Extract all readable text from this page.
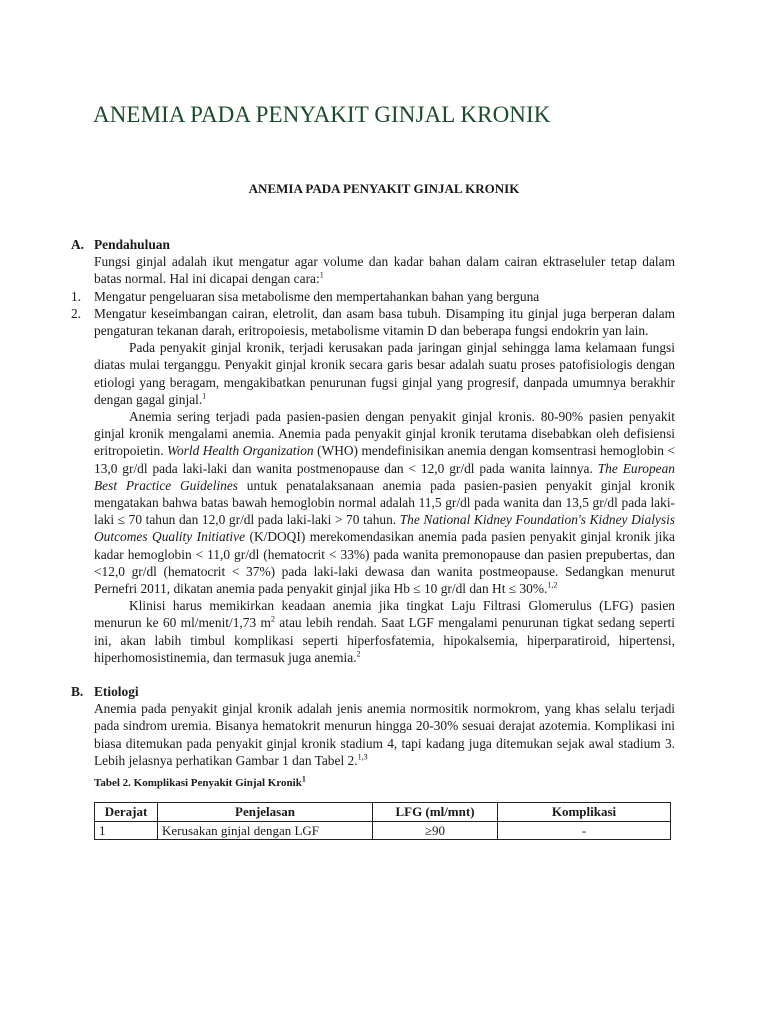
ANEMIA PADA PENYAKIT GINJAL KRONIK

ANEMIA PADA PENYAKIT GINJAL KRONIK

A. Pendahuluan

Fungsi ginjal adalah ikut mengatur agar volume dan kadar bahan dalam cairan ektraseluler tetap dalam batas normal. Hal ini dicapai dengan cara:$^1$

1. Mengatur pengeluaran sisa metabolisme den mempertahankan bahan yang berguna
2. Mengatur keseimbangan cairan, eletrolit, dan asam basa tubuh. Disamping itu ginjal juga berperan dalam pengaturan tekanan darah, eritropoiesis, metabolisme vitamin D dan beberapa fungsi endokrin yan lain.

Pada penyakit ginjal kronik, terjadi kerusakan pada jaringan ginjal sehingga lama kelamaan fungsi diatas mulai terganggu. Penyakit ginjal kronik secara garis besar adalah suatu proses patofisiologis dengan etiologi yang beragam, mengakibatkan penurunan fugsi ginjal yang progresif, danpada umumnya berakhir dengan gagal ginjal.$^1$

Anemia sering terjadi pada pasien-pasien dengan penyakit ginjal kronis. 80-90% pasien penyakit ginjal kronik mengalami anemia. Anemia pada penyakit ginjal kronik terutama disebabkan oleh defisiensi eritropoietin. World Health Organization (WHO) mendefinisikan anemia dengan komsentrasi hemoglobin < 13,0 gr/dl pada laki-laki dan wanita postmenopause dan < 12,0 gr/dl pada wanita lainnya. The European Best Practice Guidelines untuk penatalaksanaan anemia pada pasien-pasien penyakit ginjal kronik mengatakan bahwa batas bawah hemoglobin normal adalah 11,5 gr/dl pada wanita dan 13,5 gr/dl pada laki-laki ≤ 70 tahun dan 12,0 gr/dl pada laki-laki > 70 tahun. The National Kidney Foundation's Kidney Dialysis Outcomes Quality Initiative (K/DOQI) merekomendasikan anemia pada pasien penyakit ginjal kronik jika kadar hemoglobin < 11,0 gr/dl (hematocrit < 33%) pada wanita premonopause dan pasien prepubertas, dan <12,0 gr/dl (hematocrit < 37%) pada laki-laki dewasa dan wanita postmeopause. Sedangkan menurut Pernefri 2011, dikatan anemia pada penyakit ginjal jika Hb ≤ 10 gr/dl dan Ht ≤ 30%.$^{1,2}$

Klinisi harus memikirkan keadaan anemia jika tingkat Laju Filtrasi Glomerulus (LFG) pasien menurun ke 60 ml/menit/1,73 $m^2$ atau lebih rendah. Saat LGF mengalami penurunan tigkat sedang seperti ini, akan labih timbul komplikasi seperti hiperfosfatemia, hipokalsemia, hiperparatiroid, hipertensi, hiperhomosistinemia, dan termasuk juga anemia.$^2$

B. Etiologi

Anemia pada penyakit ginjal kronik adalah jenis anemia normositik normokrom, yang khas selalu terjadi pada sindrom uremia. Bisanya hematokrit menurun hingga 20-30% sesuai derajat azotemia. Komplikasi ini biasa ditemukan pada penyakit ginjal kronik stadium 4, tapi kadang juga ditemukan sejak awal stadium 3. Lebih jelasnya perhatikan Gambar 1 dan Tabel 2.$^{1,3}$

Tabel 2. Komplikasi Penyakit Ginjal Kronik$^1$

Derajat	Penjelasan	LFG (ml/mnt)	Komplikasi
1	Kerusakan ginjal dengan LGF	≥90	-
